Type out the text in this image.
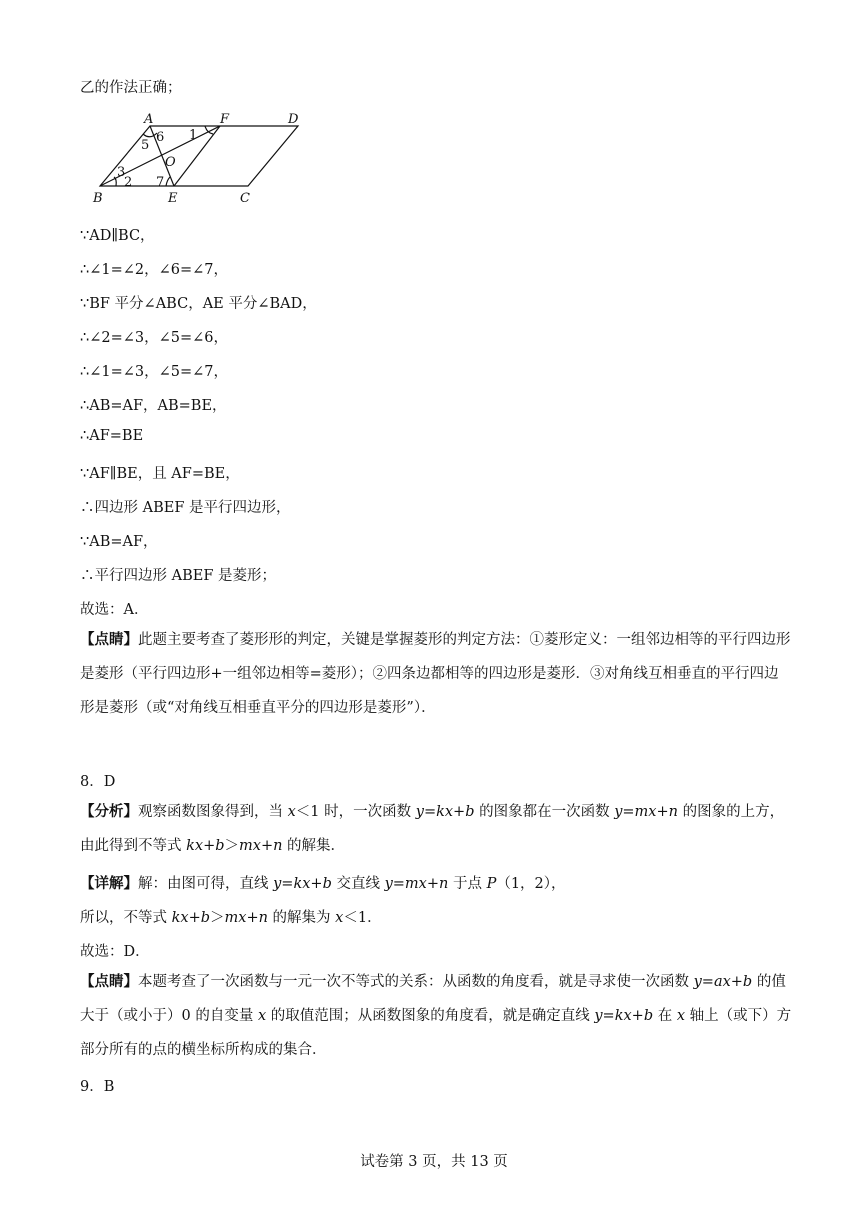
乙的作法正确；
A	F	D
B	E	C
O
1
2
3
5
6
7
∵AD∥BC，
∴∠1=∠2，∠6=∠7，
∵BF 平分∠ABC，AE 平分∠BAD，
∴∠2=∠3，∠5=∠6，
∴∠1=∠3，∠5=∠7，
∴AB=AF，AB=BE，
∴AF=BE
∵AF∥BE，且 AF=BE，
∴四边形 ABEF 是平行四边形，
∵AB=AF，
∴平行四边形 ABEF 是菱形；
故选：A．
【点睛】此题主要考查了菱形形的判定，关键是掌握菱形的判定方法：①菱形定义：一组邻边相等的平行四边形是菱形（平行四边形+一组邻边相等=菱形）；②四条边都相等的四边形是菱形．③对角线互相垂直的平行四边形是菱形（或“对角线互相垂直平分的四边形是菱形”）．
8．D
【分析】观察函数图象得到，当 x＜1 时，一次函数 y=kx+b 的图象都在一次函数 y=mx+n 的图象的上方，由此得到不等式 kx+b＞mx+n 的解集．
【详解】解：由图可得，直线 y=kx+b 交直线 y=mx+n 于点 P（1，2），
所以，不等式 kx+b＞mx+n 的解集为 x＜1．
故选：D．
【点睛】本题考查了一次函数与一元一次不等式的关系：从函数的角度看，就是寻求使一次函数 y=ax+b 的值大于（或小于）0 的自变量 x 的取值范围；从函数图象的角度看，就是确定直线 y=kx+b 在 x 轴上（或下）方部分所有的点的横坐标所构成的集合．
9．B
试卷第 3 页，共 13 页
